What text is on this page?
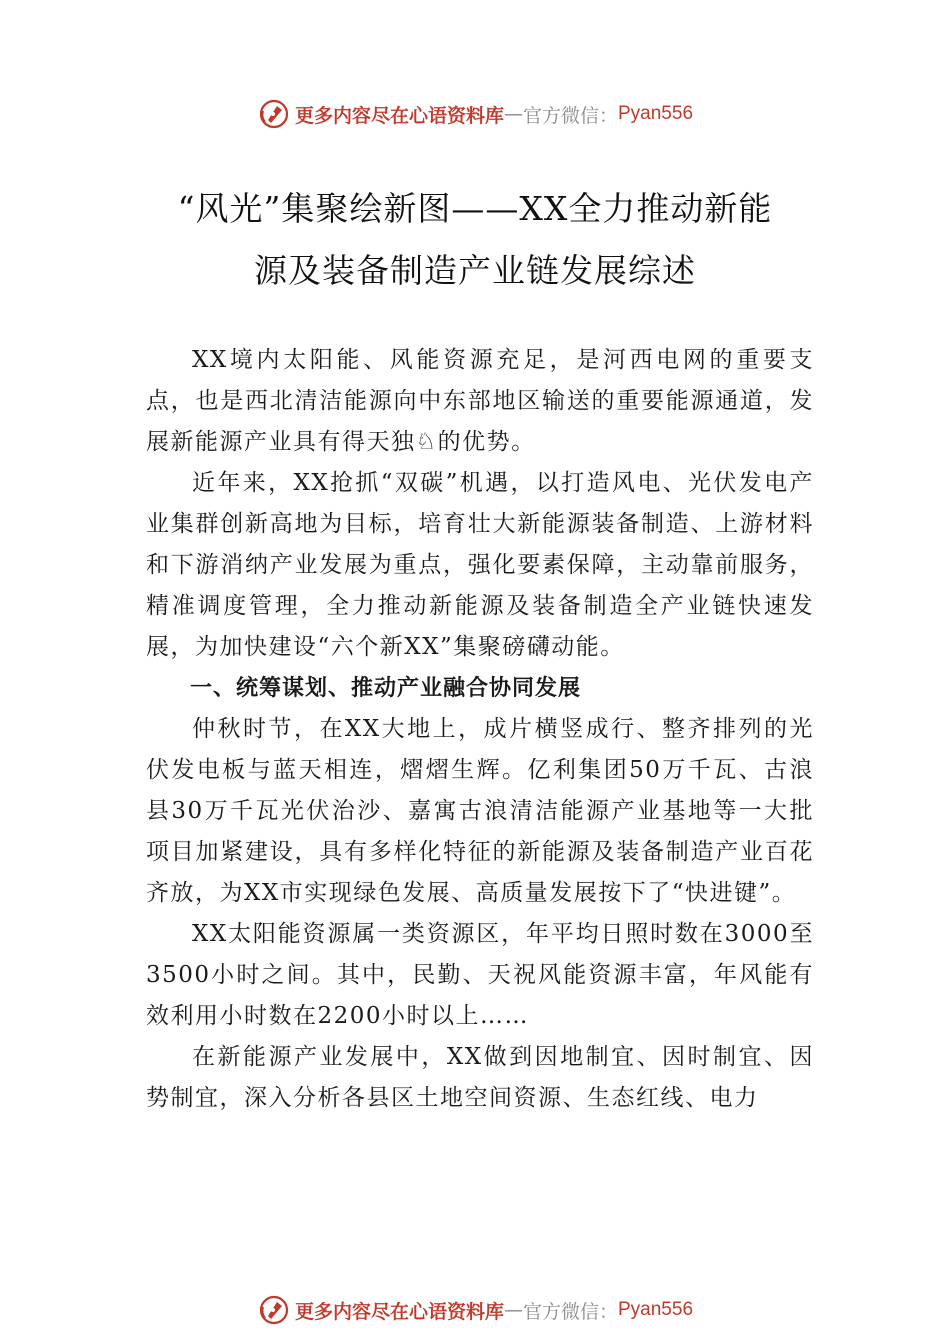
更多内容尽在心语资料库 — 官方微信： Pyan556
“风光”集聚绘新图——XX全力推动新能
源及装备制造产业链发展综述

XX境内太阳能、风能资源充足，是河西电网的重要支点，也是西北清洁能源向中东部地区输送的重要能源通道，发展新能源产业具有得天独♘的优势。

近年来，XX抢抓“双碳”机遇，以打造风电、光伏发电产业集群创新高地为目标，培育壮大新能源装备制造、上游材料和下游消纳产业发展为重点，强化要素保障，主动靠前服务，精准调度管理，全力推动新能源及装备制造全产业链快速发展，为加快建设“六个新XX”集聚磅礴动能。

一、统筹谋划、推动产业融合协同发展

仲秋时节，在XX大地上，成片横竖成行、整齐排列的光伏发电板与蓝天相连，熠熠生辉。亿利集团50万千瓦、古浪县30万千瓦光伏治沙、嘉寓古浪清洁能源产业基地等一大批项目加紧建设，具有多样化特征的新能源及装备制造产业百花齐放，为XX市实现绿色发展、高质量发展按下了“快进键”。

XX太阳能资源属一类资源区，年平均日照时数在3000至3500小时之间。其中，民勤、天祝风能资源丰富，年风能有效利用小时数在2200小时以上……

在新能源产业发展中，XX做到因地制宜、因时制宜、因势制宜，深入分析各县区土地空间资源、生态红线、电力

更多内容尽在心语资料库 — 官方微信： Pyan556
